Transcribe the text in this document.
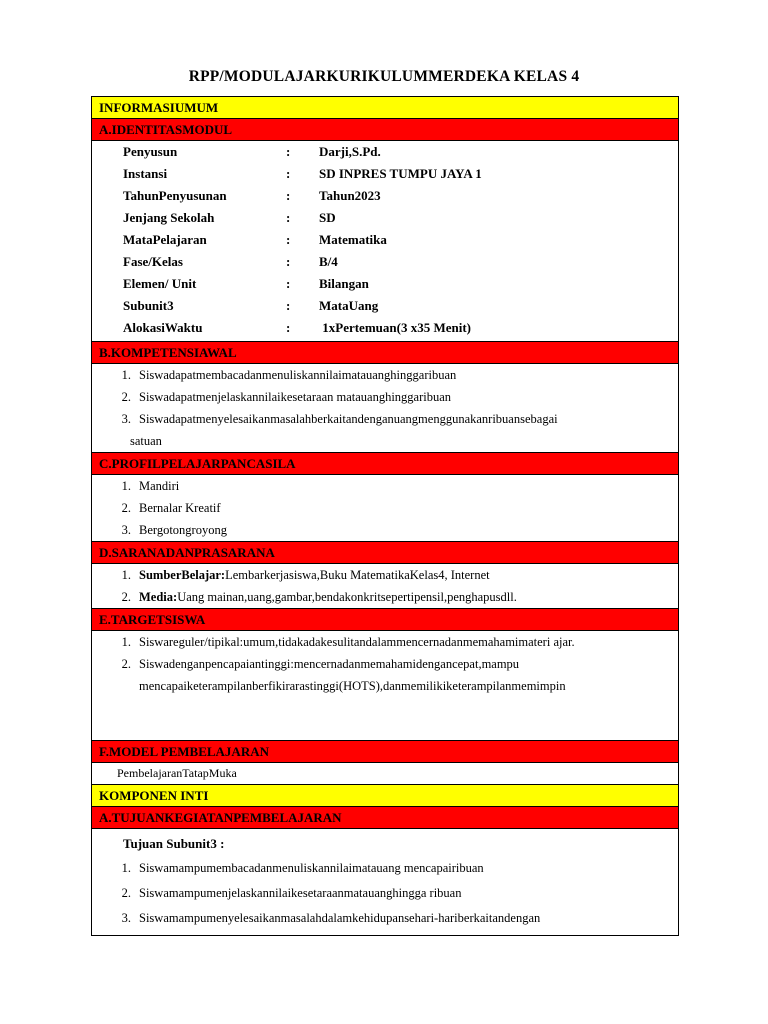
RPP/MODULAJARKURIKULUMMERDEKA KELAS 4
INFORMASIUMUM
A.IDENTITASMODUL
Penyusun	:	Darji,S.Pd.
Instansi	:	SD INPRES TUMPU JAYA 1
TahunPenyusunan	:	Tahun2023
Jenjang Sekolah	:	SD
MataPelajaran	:	Matematika
Fase/Kelas	:	B/4
Elemen/ Unit	:	Bilangan
Subunit3	:	MataUang
AlokasiWaktu	:	1xPertemuan(3 x35 Menit)
B.KOMPETENSIAWAL
1. Siswadapatmembacadanmenuliskannilaimatauanghinggaribuan
2. Siswadapatmenjelaskannilaikesetaraan matauanghinggaribuan
3. Siswadapatmenyelesaikanmasalahberkaitandenganuangmenggunakanribuansebagai
satuan
C.PROFILPELAJARPANCASILA
1. Mandiri
2. Bernalar Kreatif
3. Bergotongroyong
D.SARANADANPRASARANA
1. SumberBelajar:Lembarkerjasiswa,Buku MatematikaKelas4, Internet
2. Media:Uang mainan,uang,gambar,bendakonkritsepertipensil,penghapusdll.
E.TARGETSISWA
1. Siswareguler/tipikal:umum,tidakadakesulitandalammencernadanmemahamimateri ajar.
2. Siswadenganpencapaiantinggi:mencernadanmemahamidengancepat,mampu
mencapaiketerampilanberfikirarastinggi(HOTS),danmemilikiketerampilanmemimpin
F.MODEL PEMBELAJARAN
PembelajaranTatapMuka
KOMPONEN INTI
A.TUJUANKEGIATANPEMBELAJARAN
Tujuan Subunit3 :
1. Siswamampumembacadanmenuliskannilaimatauang mencapairibuan
2. Siswamampumenjelaskannilaikesetaraanmatauanghingga ribuan
3. Siswamampumenyelesaikanmasalahdalamkehidupansehari-hariberkaitandengan
